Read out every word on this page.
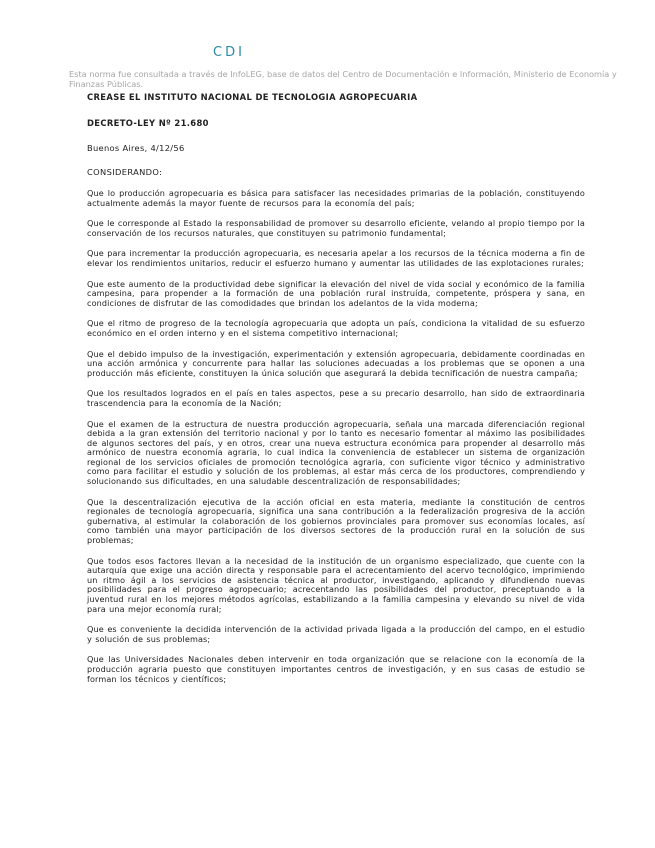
CDI
Esta norma fue consultada a través de InfoLEG, base de datos del Centro de Documentación e Información, Ministerio de Economía y Finanzas Públicas.

CREASE EL INSTITUTO NACIONAL DE TECNOLOGIA AGROPECUARIA

DECRETO-LEY Nº 21.680

Buenos Aires, 4/12/56

CONSIDERANDO:

Que lo producción agropecuaria es básica para satisfacer las necesidades primarias de la población, constituyendo actualmente además la mayor fuente de recursos para la economía del país;

Que le corresponde al Estado la responsabilidad de promover su desarrollo eficiente, velando al propio tiempo por la conservación de los recursos naturales, que constituyen su patrimonio fundamental;

Que para incrementar la producción agropecuaria, es necesaria apelar a los recursos de la técnica moderna a fin de elevar los rendimientos unitarios, reducir el esfuerzo humano y aumentar las utilidades de las explotaciones rurales;

Que este aumento de la productividad debe significar la elevación del nivel de vida social y económico de la familia campesina, para propender a la formación de una población rural instruída, competente, próspera y sana, en condiciones de disfrutar de las comodidades que brindan los adelantos de la vida moderna;

Que el ritmo de progreso de la tecnología agropecuaria que adopta un país, condiciona la vitalidad de su esfuerzo económico en el orden interno y en el sistema competitivo internacional;

Que el debido impulso de la investigación, experimentación y extensión agropecuaria, debidamente coordinadas en una acción armónica y concurrente para hallar las soluciones adecuadas a los problemas que se oponen a una producción más eficiente, constituyen la única solución que asegurará la debida tecnificación de nuestra campaña;

Que los resultados logrados en el país en tales aspectos, pese a su precario desarrollo, han sido de extraordinaria trascendencia para la economía de la Nación;

Que el examen de la estructura de nuestra producción agropecuaria, señala una marcada diferenciación regional debida a la gran extensión del territorio nacional y por lo tanto es necesario fomentar al máximo las posibilidades de algunos sectores del país, y en otros, crear una nueva estructura económica para propender al desarrollo más armónico de nuestra economía agraria, lo cual indica la conveniencia de establecer un sistema de organización regional de los servicios oficiales de promoción tecnológica agraria, con suficiente vigor técnico y administrativo como para facilitar el estudio y solución de los problemas, al estar más cerca de los productores, comprendiendo y solucionando sus dificultades, en una saludable descentralización de responsabilidades;

Que la descentralización ejecutiva de la acción oficial en esta materia, mediante la constitución de centros regionales de tecnología agropecuaria, significa una sana contribución a la federalización progresiva de la acción gubernativa, al estimular la colaboración de los gobiernos provinciales para promover sus economías locales, así como también una mayor participación de los diversos sectores de la producción rural en la solución de sus problemas;

Que todos esos factores llevan a la necesidad de la institución de un organismo especializado, que cuente con la autarquía que exige una acción directa y responsable para el acrecentamiento del acervo tecnológico, imprimiendo un ritmo ágil a los servicios de asistencia técnica al productor, investigando, aplicando y difundiendo nuevas posibilidades para el progreso agropecuario; acrecentando las posibilidades del productor, preceptuando a la juventud rural en los mejores métodos agrícolas, estabilizando a la familia campesina y elevando su nivel de vida para una mejor economía rural;

Que es conveniente la decidida intervención de la actividad privada ligada a la producción del campo, en el estudio y solución de sus problemas;

Que las Universidades Nacionales deben intervenir en toda organización que se relacione con la economía de la producción agraria puesto que constituyen importantes centros de investigación, y en sus casas de estudio se forman los técnicos y científicos;
